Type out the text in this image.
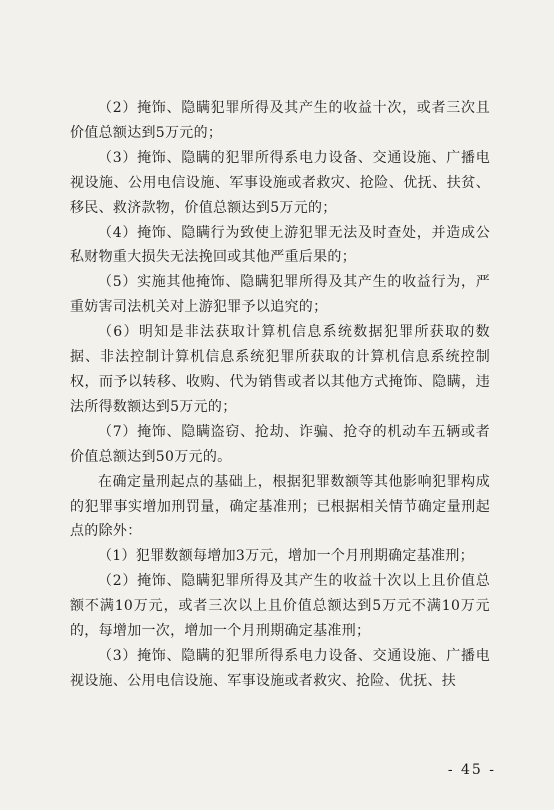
（2）掩饰、隐瞒犯罪所得及其产生的收益十次，或者三次且价值总额达到5万元的；

（3）掩饰、隐瞒的犯罪所得系电力设备、交通设施、广播电视设施、公用电信设施、军事设施或者救灾、抢险、优抚、扶贫、移民、救济款物，价值总额达到5万元的；

（4）掩饰、隐瞒行为致使上游犯罪无法及时查处，并造成公私财物重大损失无法挽回或其他严重后果的；

（5）实施其他掩饰、隐瞒犯罪所得及其产生的收益行为，严重妨害司法机关对上游犯罪予以追究的；

（6）明知是非法获取计算机信息系统数据犯罪所获取的数据、非法控制计算机信息系统犯罪所获取的计算机信息系统控制权，而予以转移、收购、代为销售或者以其他方式掩饰、隐瞒，违法所得数额达到5万元的；

（7）掩饰、隐瞒盗窃、抢劫、诈骗、抢夺的机动车五辆或者价值总额达到50万元的。

在确定量刑起点的基础上，根据犯罪数额等其他影响犯罪构成的犯罪事实增加刑罚量，确定基准刑；已根据相关情节确定量刑起点的除外：

（1）犯罪数额每增加3万元，增加一个月刑期确定基准刑；

（2）掩饰、隐瞒犯罪所得及其产生的收益十次以上且价值总额不满10万元，或者三次以上且价值总额达到5万元不满10万元的，每增加一次，增加一个月刑期确定基准刑；

（3）掩饰、隐瞒的犯罪所得系电力设备、交通设施、广播电视设施、公用电信设施、军事设施或者救灾、抢险、优抚、扶

- 45 -
